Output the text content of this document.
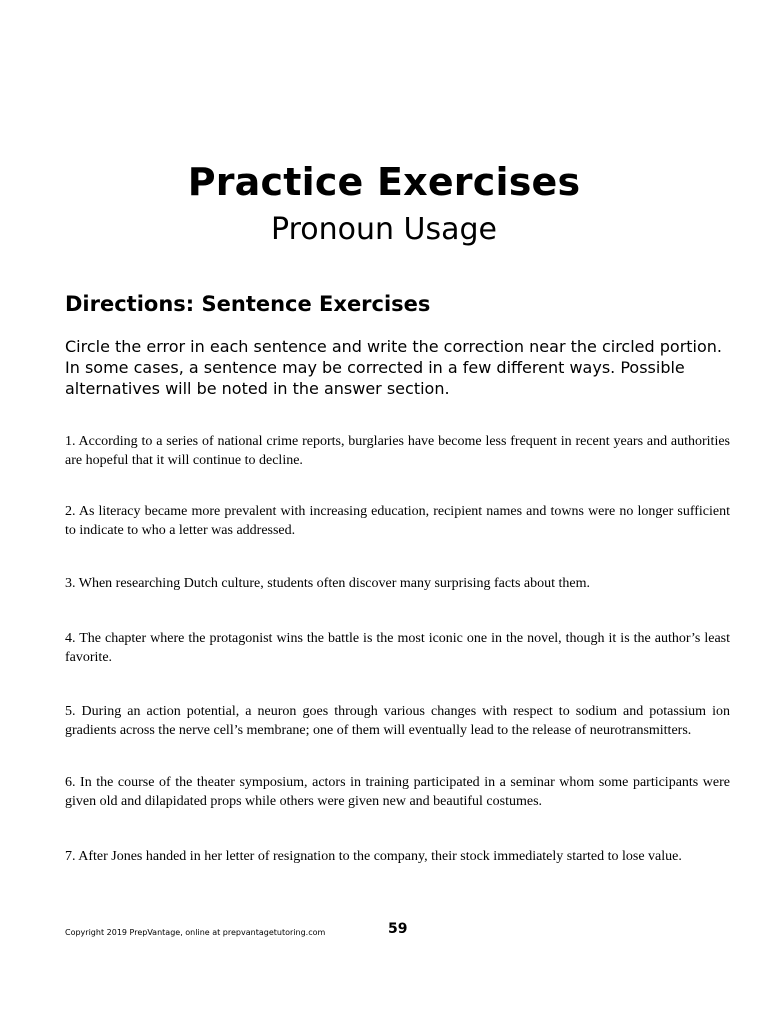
Practice Exercises
Pronoun Usage
Directions: Sentence Exercises

Circle the error in each sentence and write the correction near the circled portion. In some cases, a sentence may be corrected in a few different ways. Possible alternatives will be noted in the answer section.

1. According to a series of national crime reports, burglaries have become less frequent in recent years and authorities are hopeful that it will continue to decline.

2. As literacy became more prevalent with increasing education, recipient names and towns were no longer sufficient to indicate to who a letter was addressed.

3. When researching Dutch culture, students often discover many surprising facts about them.

4. The chapter where the protagonist wins the battle is the most iconic one in the novel, though it is the author’s least favorite.

5. During an action potential, a neuron goes through various changes with respect to sodium and potassium ion gradients across the nerve cell’s membrane; one of them will eventually lead to the release of neurotransmitters.

6. In the course of the theater symposium, actors in training participated in a seminar whom some participants were given old and dilapidated props while others were given new and beautiful costumes.

7. After Jones handed in her letter of resignation to the company, their stock immediately started to lose value.

Copyright 2019 PrepVantage, online at prepvantagetutoring.com	59
